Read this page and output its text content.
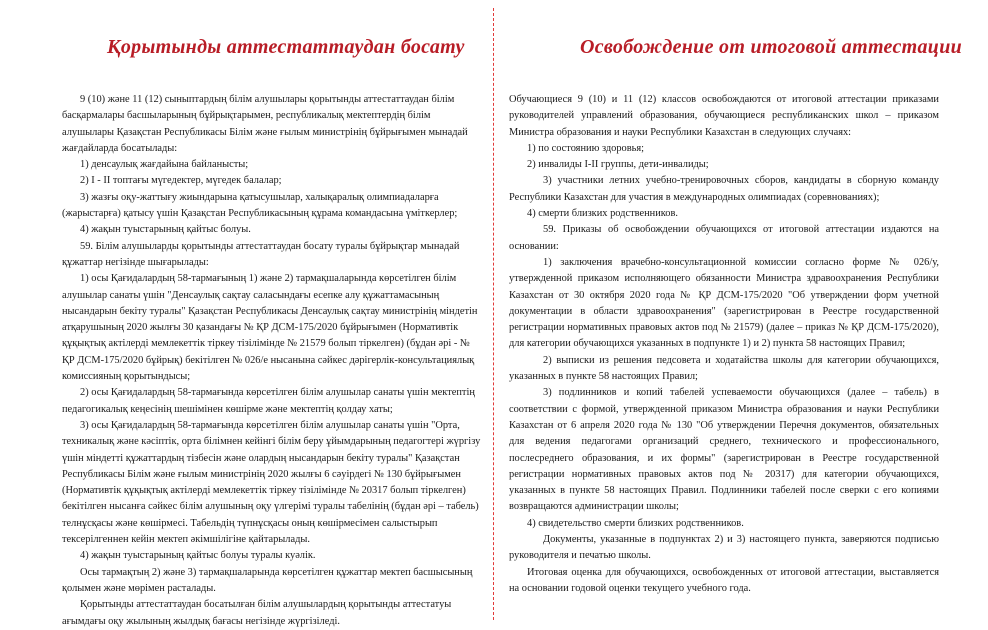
Қорытынды аттестаттаудан босату	Освобождение от итоговой аттестации

9 (10) және 11 (12) сыныптардың білім алушылары қорытынды аттестаттаудан білім басқармалары басшыларының бұйрықтарымен, республикалық мектептердің білім алушылары Қазақстан Республикасы Білім және ғылым министрінің бұйрығымен мынадай жағдайларда босатылады:

1) денсаулық жағдайына байланысты;

2) І - ІІ топтағы мүгедектер, мүгедек балалар;

3) жазғы оқу-жаттығу жиындарына қатысушылар, халықаралық олимпиадаларға (жарыстарға) қатысу үшін Қазақстан Республикасының құрама командасына үміткерлер;

4) жақын туыстарының қайтыс болуы.

59. Білім алушыларды қорытынды аттестаттаудан босату туралы бұйрықтар мынадай құжаттар негізінде шығарылады:

1) осы Қағидалардың 58-тармағының 1) және 2) тармақшаларында көрсетілген білім алушылар санаты үшін "Денсаулық сақтау саласындағы есепке алу құжаттамасының нысандарын бекіту туралы" Қазақстан Республикасы Денсаулық сақтау министрінің міндетін атқарушының 2020 жылғы 30 қазандағы № ҚР ДСМ-175/2020 бұйрығымен (Нормативтік құқықтық актілерді мемлекеттік тіркеу тізілімінде № 21579 болып тіркелген) (бұдан әрі - № ҚР ДСМ-175/2020 бұйрық) бекітілген № 026/е нысанына сәйкес дәрігерлік-консультациялық комиссияның қорытындысы;

2) осы Қағидалардың 58-тармағында көрсетілген білім алушылар санаты үшін мектептің педагогикалық кеңесінің шешімінен көшірме және мектептің қолдау хаты;

3) осы Қағидалардың 58-тармағында көрсетілген білім алушылар санаты үшін "Орта, техникалық және кәсіптік, орта білімнен кейінгі білім беру ұйымдарының педагогтері жүргізу үшін міндетті құжаттардың тізбесін және олардың нысандарын бекіту туралы" Қазақстан Республикасы Білім және ғылым министрінің 2020 жылғы 6 сәуірдегі № 130 бұйрығымен (Нормативтік құқықтық актілерді мемлекеттік тіркеу тізілімінде № 20317 болып тіркелген) бекітілген нысанға сәйкес білім алушының оқу үлгерімі туралы табелінің (бұдан әрі – табель) телнұсқасы және көшірмесі. Табельдің түпнұсқасы оның көшірмесімен салыстырып тексерілгеннен кейін мектеп әкімшілігіне қайтарылады.

4) жақын туыстарының қайтыс болуы туралы куәлік.

Осы тармақтың 2) және 3) тармақшаларында көрсетілген құжаттар мектеп басшысының қолымен және мөрімен расталады.

Қорытынды аттестаттаудан босатылған білім алушылардың қорытынды аттестатуы ағымдағы оқу жылының жылдық бағасы негізінде жүргізіледі.

Обучающиеся 9 (10) и 11 (12) классов освобождаются от итоговой аттестации приказами руководителей управлений образования, обучающиеся республиканских школ – приказом Министра образования и науки Республики Казахстан в следующих случаях:

1) по состоянию здоровья;

2) инвалиды I-II группы, дети-инвалиды;

3) участники летних учебно-тренировочных сборов, кандидаты в сборную команду Республики Казахстан для участия в международных олимпиадах (соревнованиях);

4) смерти близких родственников.

59. Приказы об освобождении обучающихся от итоговой аттестации издаются на основании:

1) заключения врачебно-консультационной комиссии согласно форме № 026/у, утвержденной приказом исполняющего обязанности Министра здравоохранения Республики Казахстан от 30 октября 2020 года № ҚР ДСМ-175/2020 "Об утверждении форм учетной документации в области здравоохранения" (зарегистрирован в Реестре государственной регистрации нормативных правовых актов под № 21579) (далее – приказ № ҚР ДСМ-175/2020), для категории обучающихся указанных в подпункте 1) и 2) пункта 58 настоящих Правил;

2) выписки из решения педсовета и ходатайства школы для категории обучающихся, указанных в пункте 58 настоящих Правил;

3) подлинников и копий табелей успеваемости обучающихся (далее – табель) в соответствии с формой, утвержденной приказом Министра образования и науки Республики Казахстан от 6 апреля 2020 года № 130 "Об утверждении Перечня документов, обязательных для ведения педагогами организаций среднего, технического и профессионального, послесреднего образования, и их формы" (зарегистрирован в Реестре государственной регистрации нормативных правовых актов под № 20317) для категории обучающихся, указанных в пункте 58 настоящих Правил. Подлинники табелей после сверки с его копиями возвращаются администрации школы;

4) свидетельство смерти близких родственников.

Документы, указанные в подпунктах 2) и 3) настоящего пункта, заверяются подписью руководителя и печатью школы.

Итоговая оценка для обучающихся, освобожденных от итоговой аттестации, выставляется на основании годовой оценки текущего учебного года.
